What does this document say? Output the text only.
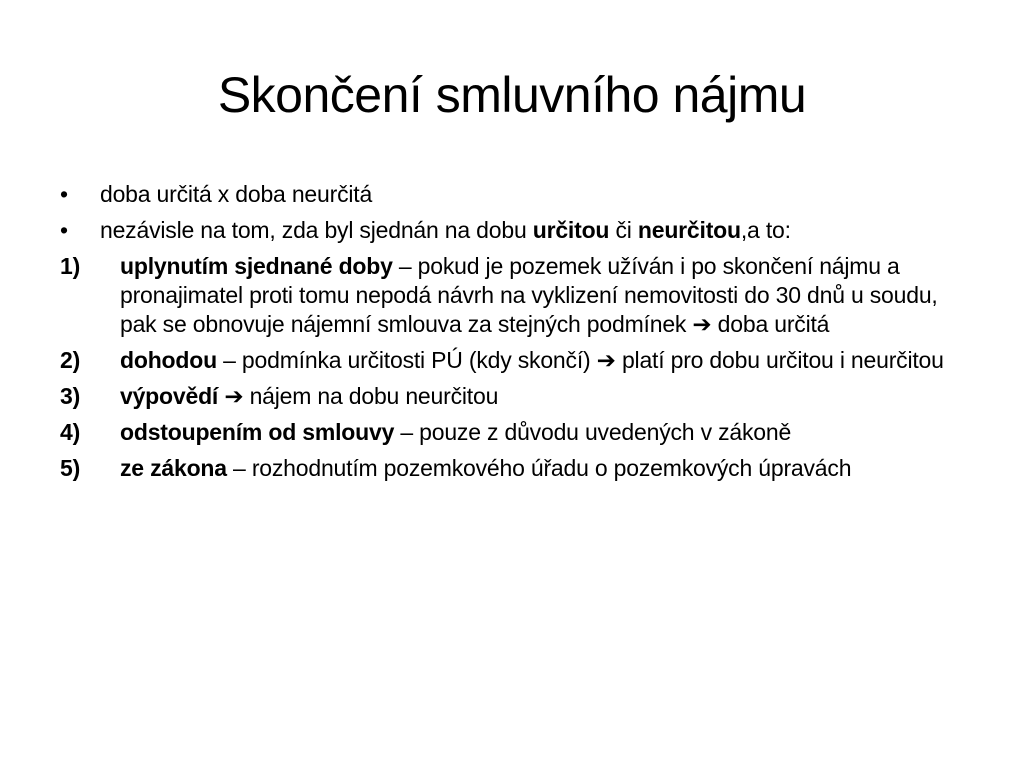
Skončení smluvního nájmu
•	doba určitá x doba neurčitá
•	nezávisle na tom, zda byl sjednán na dobu určitou či neurčitou,a to:
1)	uplynutím sjednané doby – pokud je pozemek užíván i po skončení nájmu a pronajimatel proti tomu nepodá návrh na vyklizení nemovitosti do 30 dnů u soudu, pak se obnovuje nájemní smlouva za stejných podmínek ➔ doba určitá
2)	dohodou – podmínka určitosti PÚ (kdy skončí) ➔ platí pro dobu určitou i neurčitou
3)	výpovědí ➔ nájem na dobu neurčitou
4)	odstoupením od smlouvy – pouze z důvodu uvedených v zákoně
5)	ze zákona – rozhodnutím pozemkového úřadu o pozemkových úpravách
